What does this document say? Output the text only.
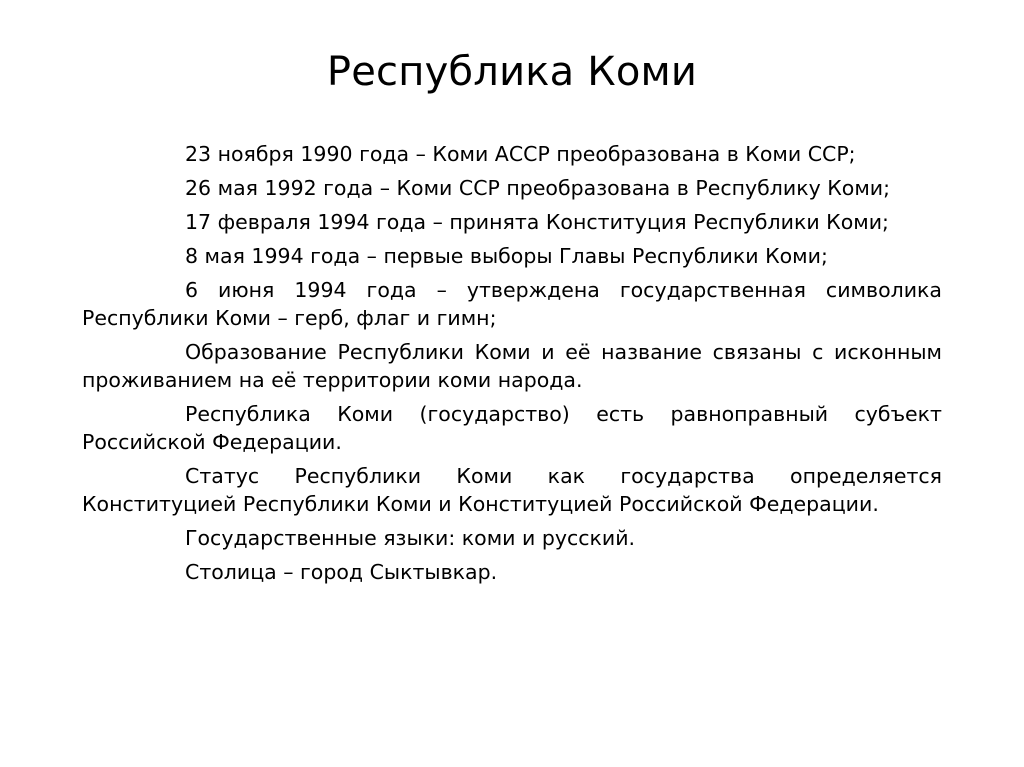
Республика Коми

23 ноября 1990 года – Коми АССР преобразована в Коми ССР;

26 мая 1992 года – Коми ССР преобразована в Республику Коми;

17 февраля 1994 года – принята Конституция Республики Коми;

8 мая 1994 года – первые выборы Главы Республики Коми;

6 июня 1994 года – утверждена государственная символика Республики Коми – герб, флаг и гимн;

Образование Республики Коми и её название связаны с исконным проживанием на её территории коми народа.

Республика Коми (государство) есть равноправный субъект Российской Федерации.

Статус Республики Коми как государства определяется Конституцией Республики Коми и Конституцией Российской Федерации.

Государственные языки: коми и русский.

Столица – город Сыктывкар.
